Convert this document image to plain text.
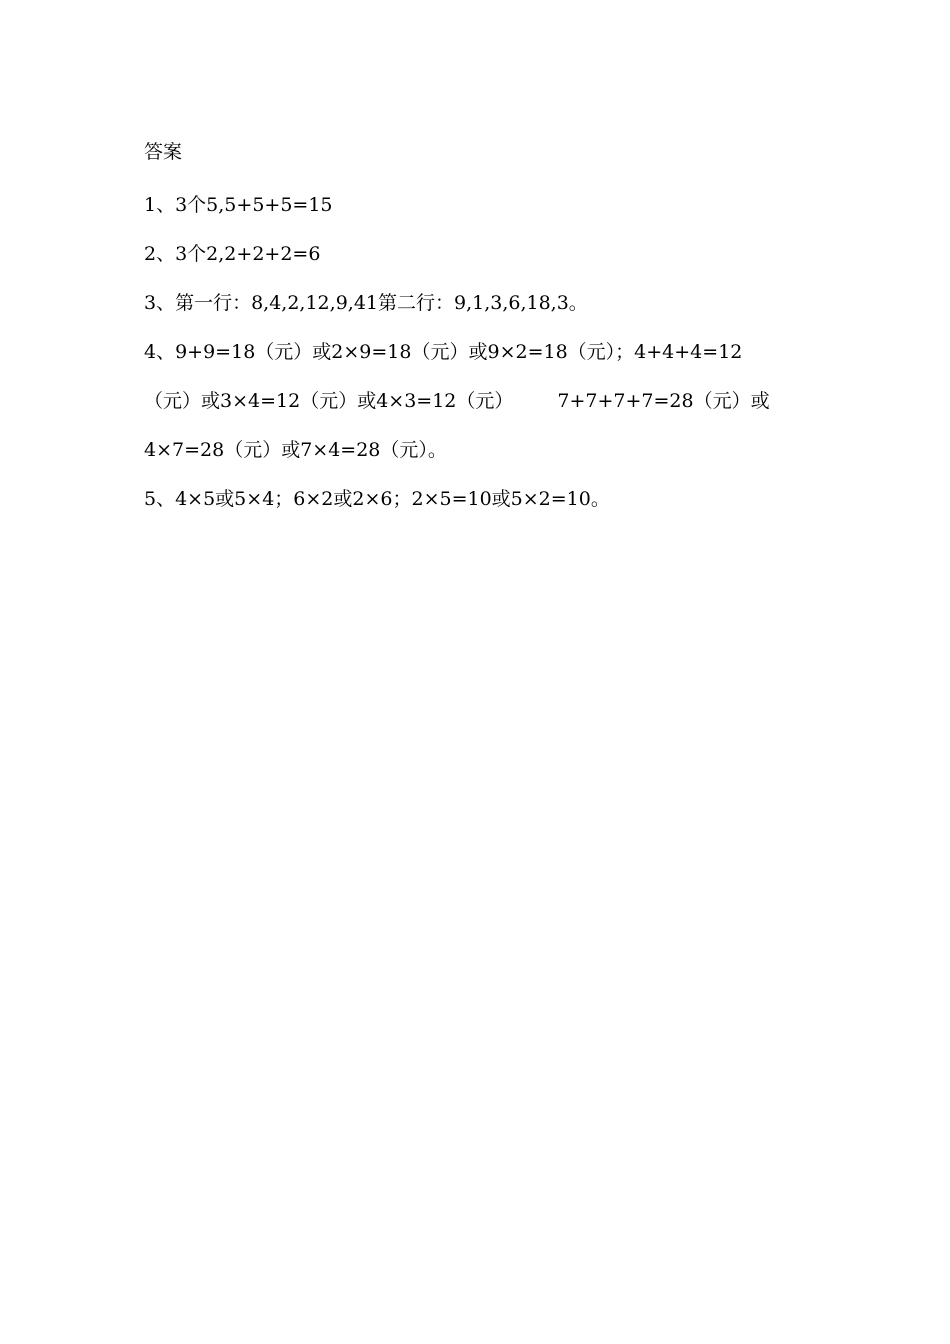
答案
1、3个5,5+5+5=15
2、3个2,2+2+2=6
3、第一行：8,4,2,12,9,41第二行：9,1,3,6,18,3。
4、9+9=18（元）或2×9=18（元）或9×2=18（元）；4+4+4=12
（元）或3×4=12（元）或4×3=12（元） 7+7+7+7=28（元）或
4×7=28（元）或7×4=28（元）。
5、4×5或5×4；6×2或2×6；2×5=10或5×2=10。
